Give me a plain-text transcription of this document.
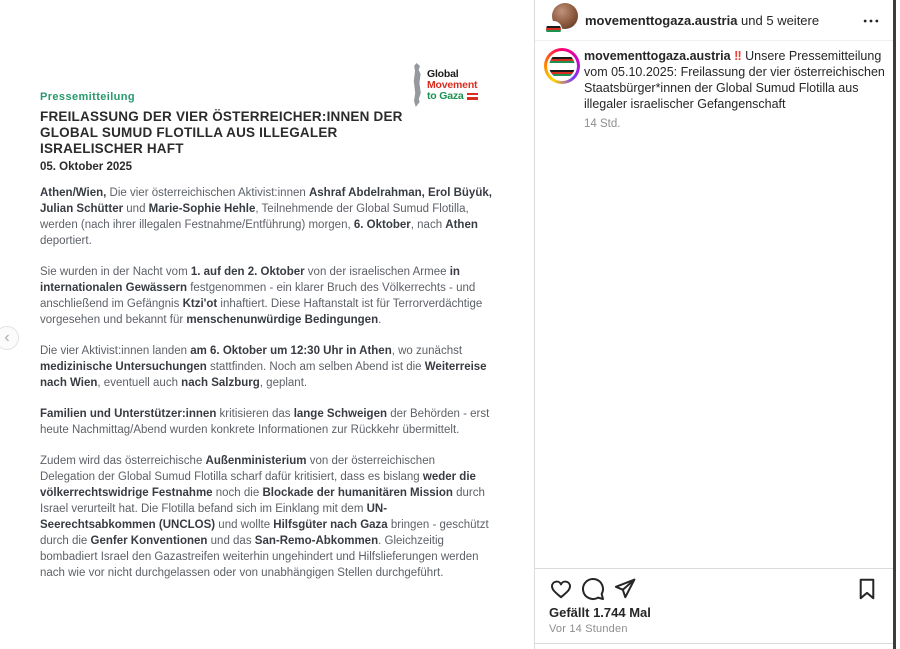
Pressemitteilung
FREILASSUNG DER VIER ÖSTERREICHER:INNEN DER GLOBAL SUMUD FLOTILLA AUS ILLEGALER ISRAELISCHER HAFT
05. Oktober 2025
Global
Movement
to Gaza

Athen/Wien, Die vier österreichischen Aktivist:innen Ashraf Abdelrahman, Erol Büyük, Julian Schütter und Marie-Sophie Hehle, Teilnehmende der Global Sumud Flotilla, werden (nach ihrer illegalen Festnahme/Entführung) morgen, 6. Oktober, nach Athen deportiert.

Sie wurden in der Nacht vom 1. auf den 2. Oktober von der israelischen Armee in internationalen Gewässern festgenommen - ein klarer Bruch des Völkerrechts - und anschließend im Gefängnis Ktzi'ot inhaftiert. Diese Haftanstalt ist für Terrorverdächtige vorgesehen und bekannt für menschenunwürdige Bedingungen.

Die vier Aktivist:innen landen am 6. Oktober um 12:30 Uhr in Athen, wo zunächst medizinische Untersuchungen stattfinden. Noch am selben Abend ist die Weiterreise nach Wien, eventuell auch nach Salzburg, geplant.

Familien und Unterstützer:innen kritisieren das lange Schweigen der Behörden - erst heute Nachmittag/Abend wurden konkrete Informationen zur Rückkehr übermittelt.

Zudem wird das österreichische Außenministerium von der österreichischen Delegation der Global Sumud Flotilla scharf dafür kritisiert, dass es bislang weder die völkerrechtswidrige Festnahme noch die Blockade der humanitären Mission durch Israel verurteilt hat. Die Flotilla befand sich im Einklang mit dem UN-Seerechtsabkommen (UNCLOS) und wollte Hilfsgüter nach Gaza bringen - geschützt durch die Genfer Konventionen und das San-Remo-Abkommen. Gleichzeitig bombadiert Israel den Gazastreifen weiterhin ungehindert und Hilfslieferungen werden nach wie vor nicht durchgelassen oder von unabhängigen Stellen durchgeführt.

‹
movementtogaza.austria und 5 weitere
movementtogaza.austria ‼ Unsere Pressemitteilung vom 05.10.2025: Freilassung der vier österreichischen Staatsbürger*innen der Global Sumud Flotilla aus illegaler israelischer Gefangenschaft
14 Std.
Gefällt 1.744 Mal
Vor 14 Stunden
